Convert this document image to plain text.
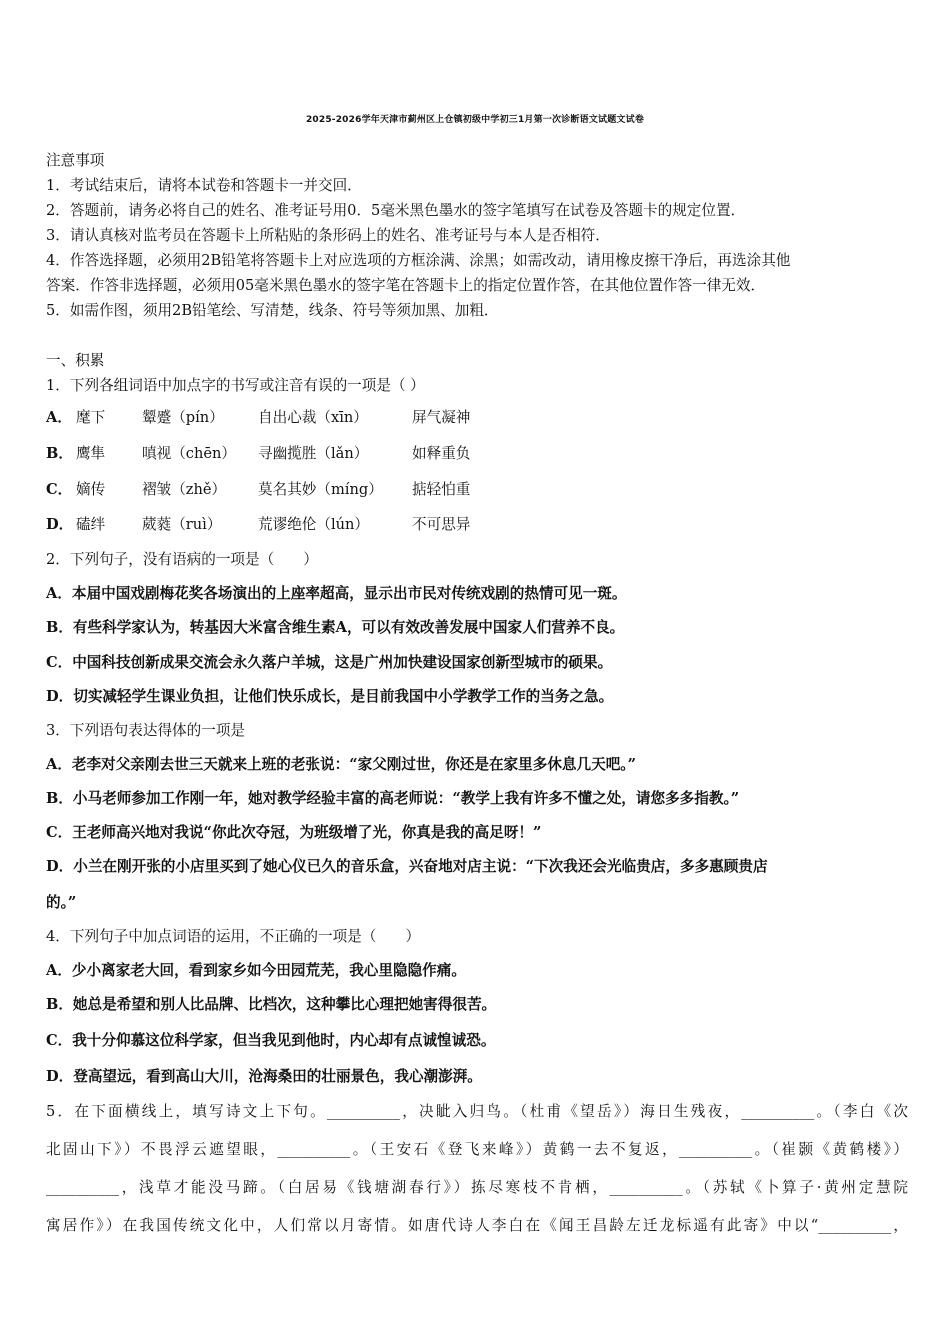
2025-2026学年天津市蓟州区上仓镇初级中学初三1月第一次诊断语文试题文试卷
注意事项
1．考试结束后，请将本试卷和答题卡一并交回．
2．答题前，请务必将自己的姓名、准考证号用0．5毫米黑色墨水的签字笔填写在试卷及答题卡的规定位置．
3．请认真核对监考员在答题卡上所粘贴的条形码上的姓名、准考证号与本人是否相符．
4．作答选择题，必须用2B铅笔将答题卡上对应选项的方框涂满、涂黑；如需改动，请用橡皮擦干净后，再选涂其他
答案．作答非选择题，必须用05毫米黑色墨水的签字笔在答题卡上的指定位置作答，在其他位置作答一律无效．
5．如需作图，须用2B铅笔绘、写清楚，线条、符号等须加黑、加粗．
一、积累
1．下列各组词语中加点字的书写或注音有误的一项是（ ）
A． 麾下	颦蹙（pín） 自出心裁（xīn）	屏气凝神
B． 鹰隼	嗔视（chēn） 寻幽揽胜（lǎn）	如释重负
C． 嫡传	褶皱（zhě） 莫名其妙（míng） 掂轻怕重
D． 磕绊	葳蕤（ruì）	荒谬绝伦（lún）	不可思异
2．下列句子，没有语病的一项是（　　）
A．本届中国戏剧梅花奖各场演出的上座率超高，显示出市民对传统戏剧的热情可见一斑。
B．有些科学家认为，转基因大米富含维生素A，可以有效改善发展中国家人们营养不良。
C．中国科技创新成果交流会永久落户羊城，这是广州加快建设国家创新型城市的硕果。
D．切实减轻学生课业负担，让他们快乐成长，是目前我国中小学教学工作的当务之急。
3．下列语句表达得体的一项是
A．老李对父亲刚去世三天就来上班的老张说：“家父刚过世，你还是在家里多休息几天吧。”
B．小马老师参加工作刚一年，她对教学经验丰富的高老师说：“教学上我有许多不懂之处，请您多多指教。”
C．王老师高兴地对我说“你此次夺冠，为班级增了光，你真是我的高足呀！”
D．小兰在刚开张的小店里买到了她心仪已久的音乐盒，兴奋地对店主说：“下次我还会光临贵店，多多惠顾贵店
的。”
4．下列句子中加点词语的运用，不正确的一项是（　　）
A．少小离家老大回，看到家乡如今田园荒芜，我心里隐隐作痛。
B．她总是希望和别人比品牌、比档次，这种攀比心理把她害得很苦。
C．我十分仰慕这位科学家，但当我见到他时，内心却有点诚惶诚恐。
D．登高望远，看到高山大川，沧海桑田的壮丽景色，我心潮澎湃。
5．在下面横线上，填写诗文上下句。__________，决眦入归鸟。（杜甫《望岳》）海日生残夜，__________。（李白《次
北固山下》）不畏浮云遮望眼，__________。（王安石《登飞来峰》）黄鹤一去不复返，__________。（崔颢《黄鹤楼》）
__________，浅草才能没马蹄。（白居易《钱塘湖春行》）拣尽寒枝不肯栖，__________。（苏轼《卜算子·黄州定慧院
寓居作》）在我国传统文化中，人们常以月寄情。如唐代诗人李白在《闻王昌龄左迁龙标遥有此寄》中以“__________，
